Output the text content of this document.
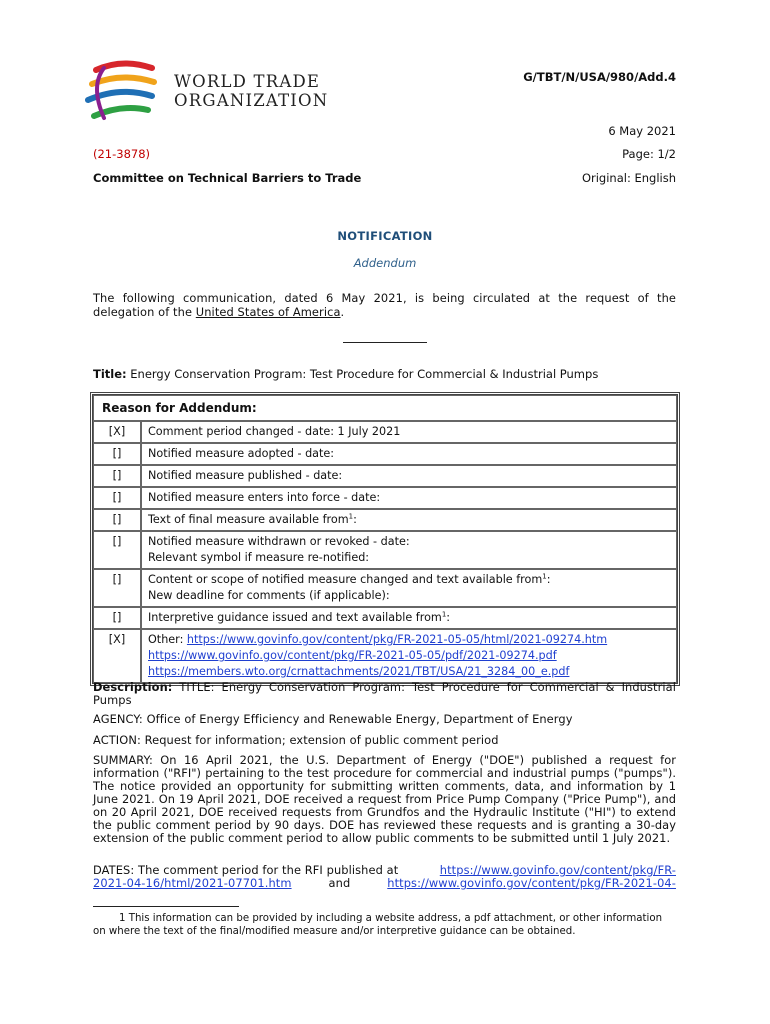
WORLD TRADE
ORGANIZATION
G/TBT/N/USA/980/Add.4
6 May 2021
(21-3878)	Page: 1/2
Committee on Technical Barriers to Trade	Original: English
NOTIFICATION
Addendum
The following communication, dated 6 May 2021, is being circulated at the request of the delegation of the United States of America.
Title: Energy Conservation Program: Test Procedure for Commercial & Industrial Pumps
Reason for Addendum:	
[X]	Comment period changed - date: 1 July 2021
[]	Notified measure adopted - date:
[]	Notified measure published - date:
[]	Notified measure enters into force - date:
[]	Text of final measure available from$^1$:
[]	Notified measure withdrawn or revoked - date:
Relevant symbol if measure re-notified:

[]	Content or scope of notified measure changed and text available from$^1$:
New deadline for comments (if applicable):

[]	Interpretive guidance issued and text available from$^1$:
[X]	Other: https://www.govinfo.gov/content/pkg/FR-2021-05-05/html/2021-09274.htm
https://www.govinfo.gov/content/pkg/FR-2021-05-05/pdf/2021-09274.pdf
https://members.wto.org/crnattachments/2021/TBT/USA/21_3284_00_e.pdf
Description: TITLE: Energy Conservation Program: Test Procedure for Commercial & Industrial Pumps
AGENCY: Office of Energy Efficiency and Renewable Energy, Department of Energy
ACTION: Request for information; extension of public comment period
SUMMARY: On 16 April 2021, the U.S. Department of Energy ("DOE") published a request for information ("RFI") pertaining to the test procedure for commercial and industrial pumps ("pumps"). The notice provided an opportunity for submitting written comments, data, and information by 1 June 2021. On 19 April 2021, DOE received a request from Price Pump Company ("Price Pump"), and on 20 April 2021, DOE received requests from Grundfos and the Hydraulic Institute ("HI") to extend the public comment period by 90 days. DOE has reviewed these requests and is granting a 30-day extension of the public comment period to allow public comments to be submitted until 1 July 2021.
DATES: The comment period for the RFI published at	https://www.govinfo.gov/content/pkg/FR-
2021-04-16/html/2021-07701.htm	and	https://www.govinfo.gov/content/pkg/FR-2021-04-
1 This information can be provided by including a website address, a pdf attachment, or other information on where the text of the final/modified measure and/or interpretive guidance can be obtained.
